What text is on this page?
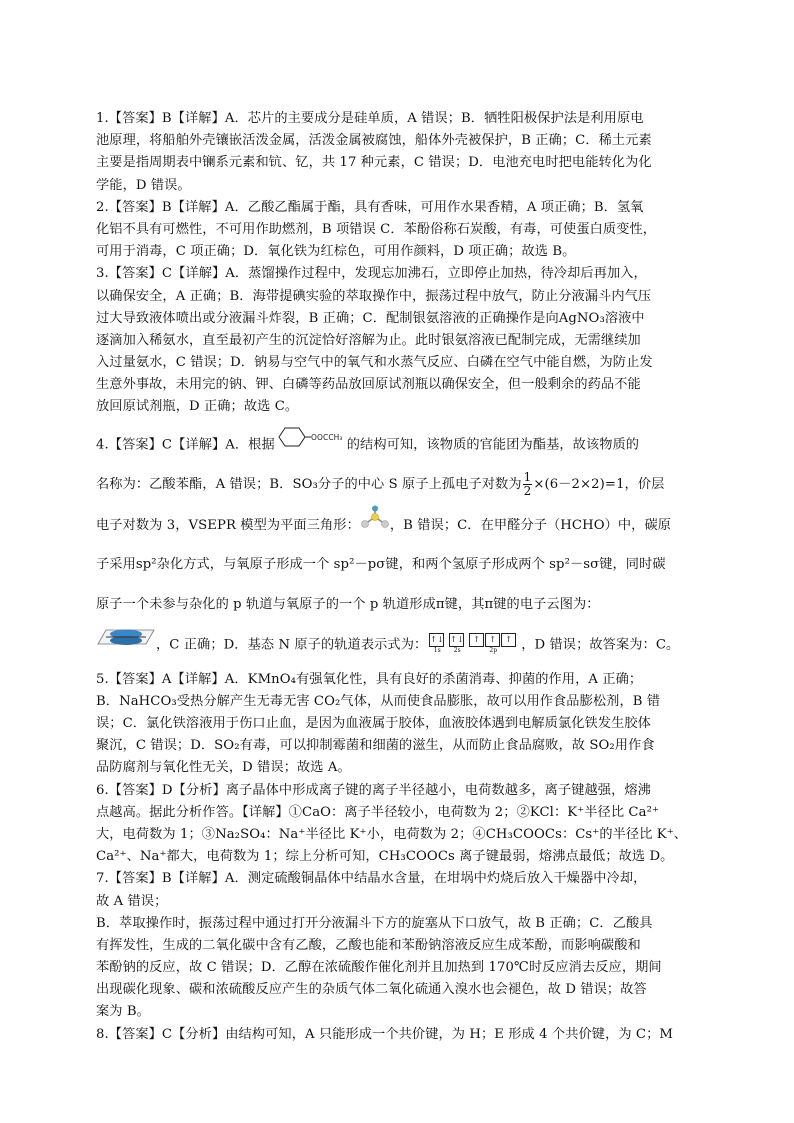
1.【答案】B【详解】A．芯片的主要成分是硅单质，A 错误；B．牺牲阳极保护法是利用原电
池原理，将船舶外壳镶嵌活泼金属，活泼金属被腐蚀，船体外壳被保护，B 正确；C．稀土元素
主要是指周期表中镧系元素和钪、钇，共 17 种元素，C 错误；D．电池充电时把电能转化为化
学能，D 错误。
2.【答案】B【详解】A．乙酸乙酯属于酯，具有香味，可用作水果香精，A 项正确；B．氢氧
化铝不具有可燃性，不可用作助燃剂，B 项错误 C．苯酚俗称石炭酸，有毒，可使蛋白质变性，
可用于消毒，C 项正确；D．氧化铁为红棕色，可用作颜料，D 项正确；故选 B。
3.【答案】C【详解】A．蒸馏操作过程中，发现忘加沸石，立即停止加热，待冷却后再加入，
以确保安全，A 正确；B．海带提碘实验的萃取操作中，振荡过程中放气，防止分液漏斗内气压
过大导致液体喷出或分液漏斗炸裂，B 正确；C．配制银氨溶液的正确操作是向AgNO₃溶液中
逐滴加入稀氨水，直至最初产生的沉淀恰好溶解为止。此时银氨溶液已配制完成，无需继续加
入过量氨水，C 错误；D．钠易与空气中的氧气和水蒸气反应、白磷在空气中能自燃，为防止发
生意外事故，未用完的钠、钾、白磷等药品放回原试剂瓶以确保安全，但一般剩余的药品不能
放回原试剂瓶，D 正确；故选 C。
4.【答案】C【详解】A．根据	OOCCH₃ 的结构可知，该物质的官能团为酯基，故该物质的
名称为：乙酸苯酯，A 错误；B．SO₃分子的中心 S 原子上孤电子对数为 $\frac{1}{2} \times(6-2\times 2)=1$，价层
电子对数为 3，VSEPR 模型为平面三角形： ，B 错误；C．在甲醛分子（HCHO）中，碳原
子采用sp²杂化方式，与氧原子形成一个 sp²－pσ键，和两个氢原子形成两个 sp²－sσ键，同时碳
原子一个未参与杂化的 p 轨道与氧原子的一个 p 轨道形成π键，其π键的电子云图为：
，C 正确；D．基态 N 原子的轨道表示式为： ↑↓
1s
↑↓
2s
↑ ↑ ↑
2p	，D 错误；故答案为：C。
5.【答案】A【详解】A．KMnO₄有强氧化性，具有良好的杀菌消毒、抑菌的作用，A 正确；
B．NaHCO₃受热分解产生无毒无害 CO₂气体，从而使食品膨胀，故可以用作食品膨松剂，B 错
误；C．氯化铁溶液用于伤口止血，是因为血液属于胶体，血液胶体遇到电解质氯化铁发生胶体
聚沉，C 错误；D．SO₂有毒，可以抑制霉菌和细菌的滋生，从而防止食品腐败，故 SO₂用作食
品防腐剂与氧化性无关，D 错误；故选 A。
6.【答案】D【分析】离子晶体中形成离子键的离子半径越小，电荷数越多，离子键越强，熔沸
点越高。据此分析作答。【详解】①CaO：离子半径较小，电荷数为 2；②KCl：K⁺半径比 Ca²⁺
大，电荷数为 1；③Na₂SO₄：Na⁺半径比 K⁺小，电荷数为 2；④CH₃COOCs：Cs⁺的半径比 K⁺、
Ca²⁺、Na⁺都大，电荷数为 1；综上分析可知，CH₃COOCs 离子键最弱，熔沸点最低；故选 D。
7.【答案】B【详解】A．测定硫酸铜晶体中结晶水含量，在坩埚中灼烧后放入干燥器中冷却，
故 A 错误；
B．萃取操作时，振荡过程中通过打开分液漏斗下方的旋塞从下口放气，故 B 正确；C．乙酸具
有挥发性，生成的二氧化碳中含有乙酸，乙酸也能和苯酚钠溶液反应生成苯酚，而影响碳酸和
苯酚钠的反应，故 C 错误；D．乙醇在浓硫酸作催化剂并且加热到 170℃时反应消去反应，期间
出现碳化现象、碳和浓硫酸反应产生的杂质气体二氧化硫通入溴水也会褪色，故 D 错误；故答
案为 B。
8.【答案】C【分析】由结构可知，A 只能形成一个共价键，为 H；E 形成 4 个共价键，为 C；M
